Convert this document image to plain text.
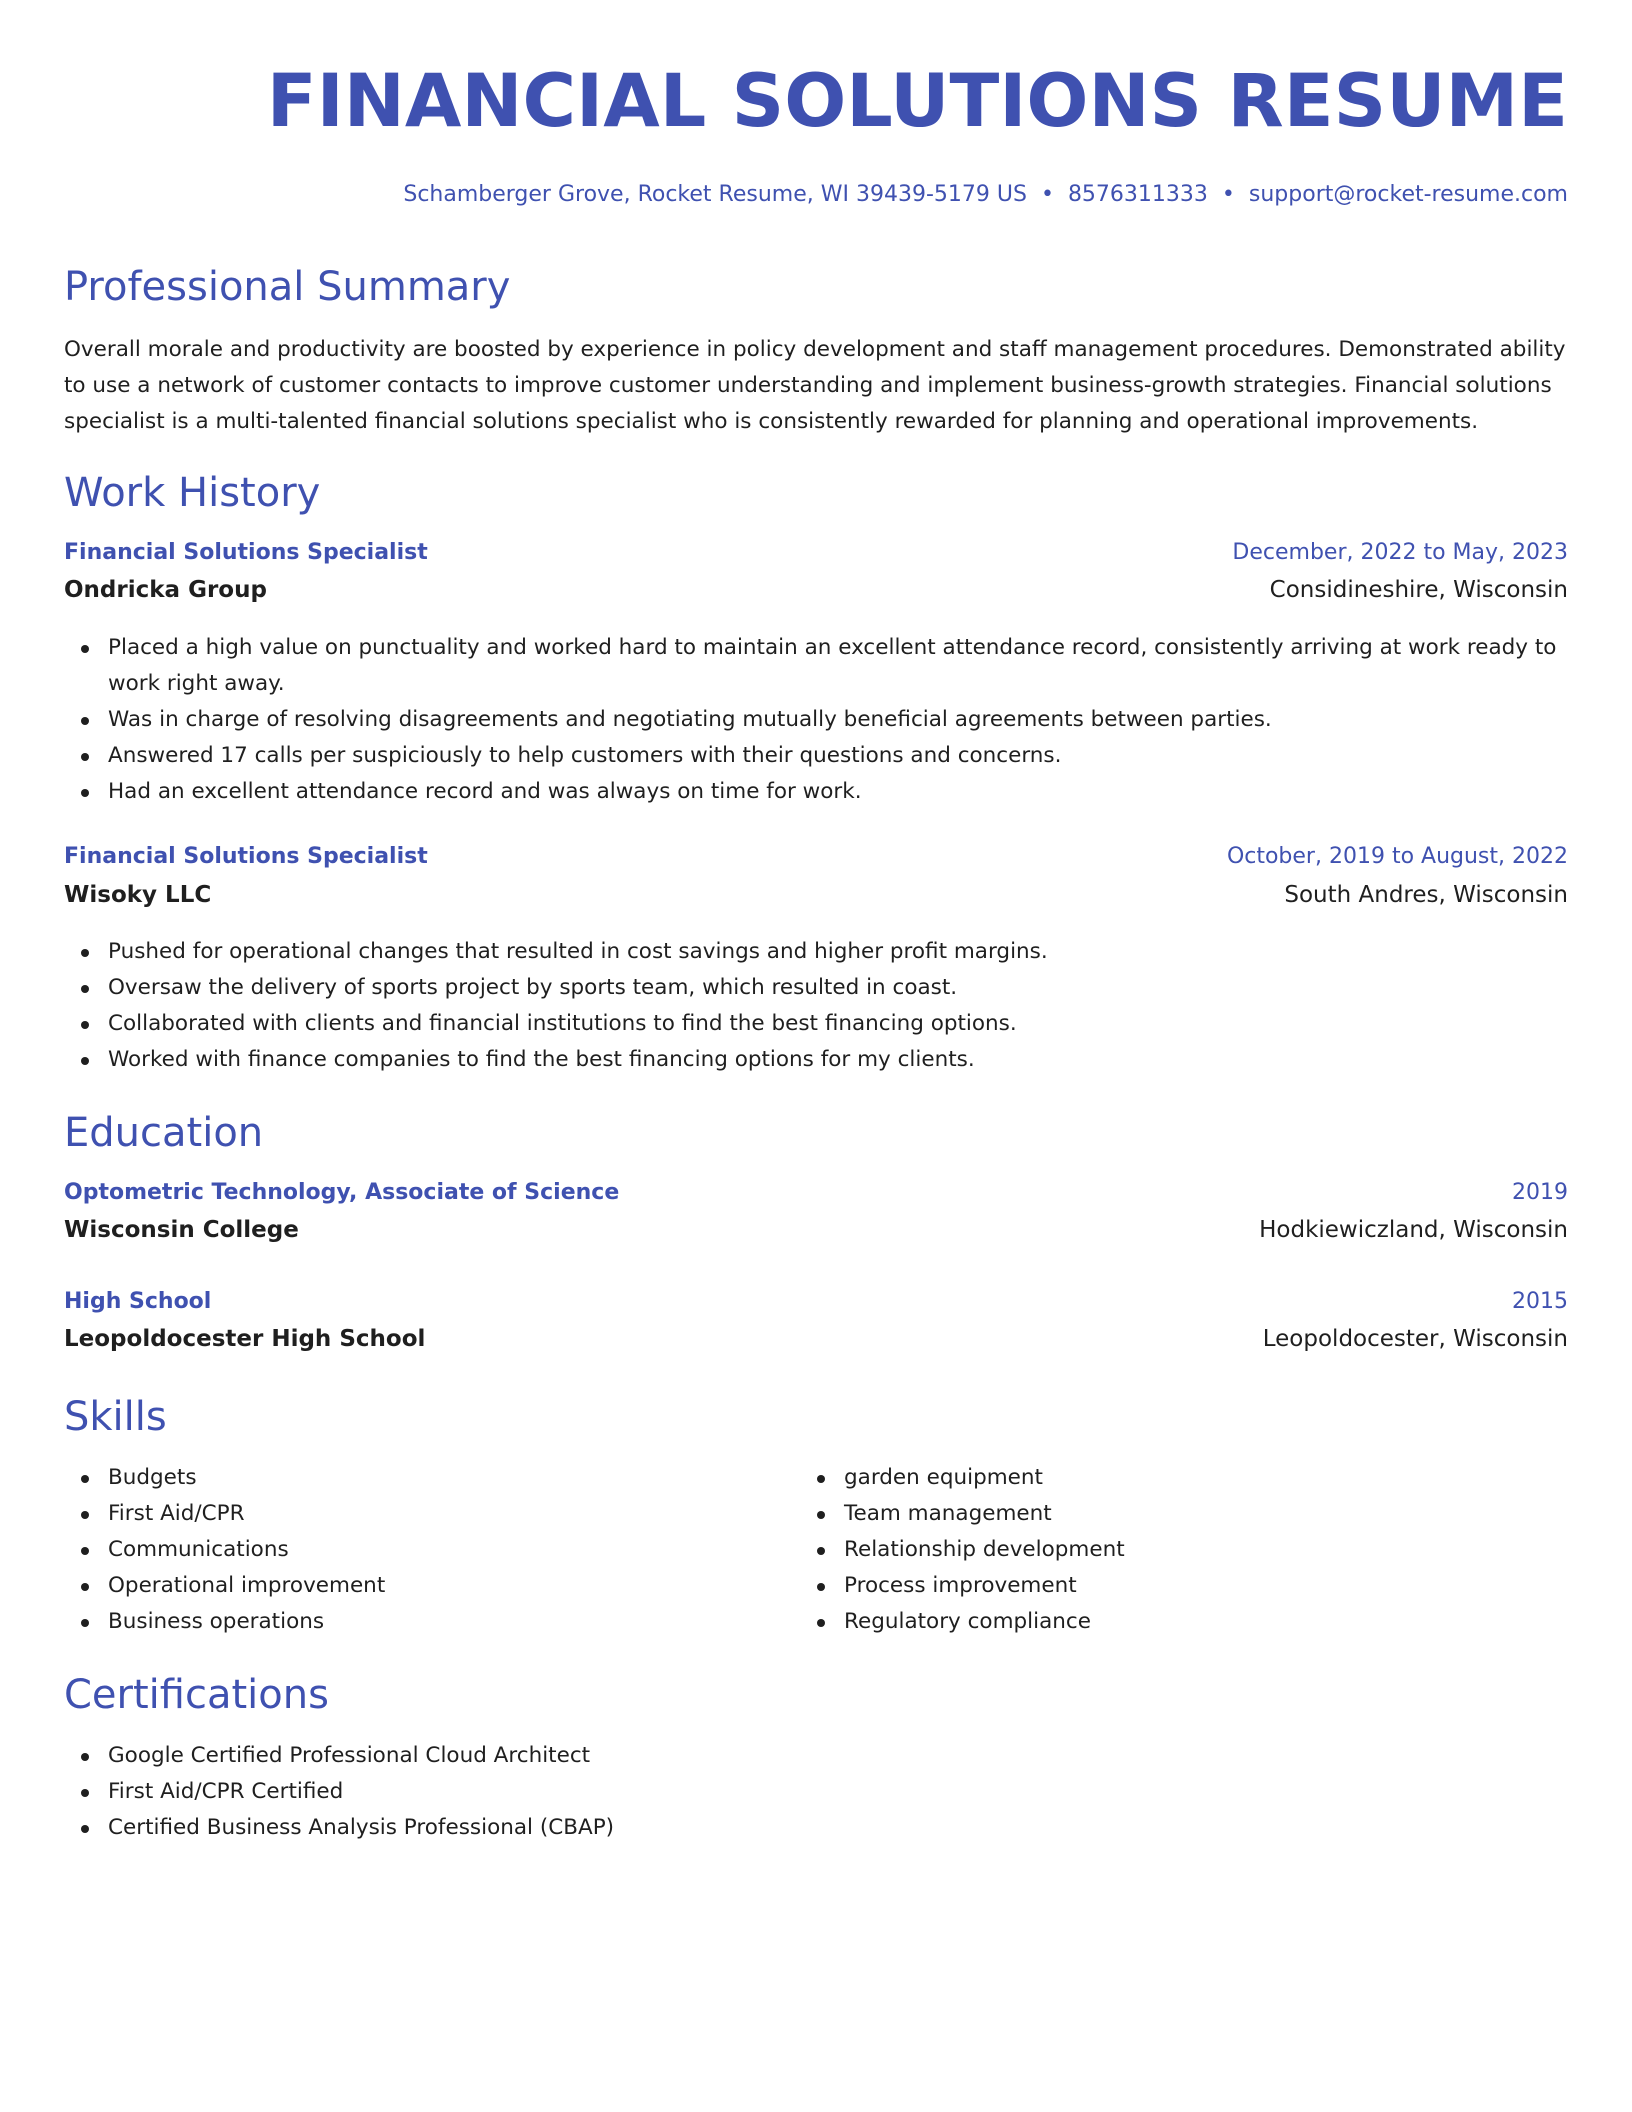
FINANCIAL SOLUTIONS RESUME
Schamberger Grove, Rocket Resume, WI 39439-5179 US • 8576311333 • support@rocket-resume.com
Professional Summary

Overall morale and productivity are boosted by experience in policy development and staff management procedures. Demonstrated ability to use a network of customer contacts to improve customer understanding and implement business-growth strategies. Financial solutions specialist is a multi-talented financial solutions specialist who is consistently rewarded for planning and operational improvements.

Work History
Financial Solutions Specialist	December, 2022 to May, 2023
Ondricka Group	Considineshire, Wisconsin
Placed a high value on punctuality and worked hard to maintain an excellent attendance record, consistently arriving at work ready to work right away.
Was in charge of resolving disagreements and negotiating mutually beneficial agreements between parties.
Answered 17 calls per suspiciously to help customers with their questions and concerns.
Had an excellent attendance record and was always on time for work.
Financial Solutions Specialist	October, 2019 to August, 2022
Wisoky LLC	South Andres, Wisconsin
Pushed for operational changes that resulted in cost savings and higher profit margins.
Oversaw the delivery of sports project by sports team, which resulted in coast.
Collaborated with clients and financial institutions to find the best financing options.
Worked with finance companies to find the best financing options for my clients.
Education
Optometric Technology, Associate of Science	2019
Wisconsin College	Hodkiewiczland, Wisconsin
High School	2015
Leopoldocester High School	Leopoldocester, Wisconsin
Skills
Budgets
First Aid/CPR
Communications
Operational improvement
Business operations
garden equipment
Team management
Relationship development
Process improvement
Regulatory compliance
Certifications
Google Certified Professional Cloud Architect
First Aid/CPR Certified
Certified Business Analysis Professional (CBAP)
